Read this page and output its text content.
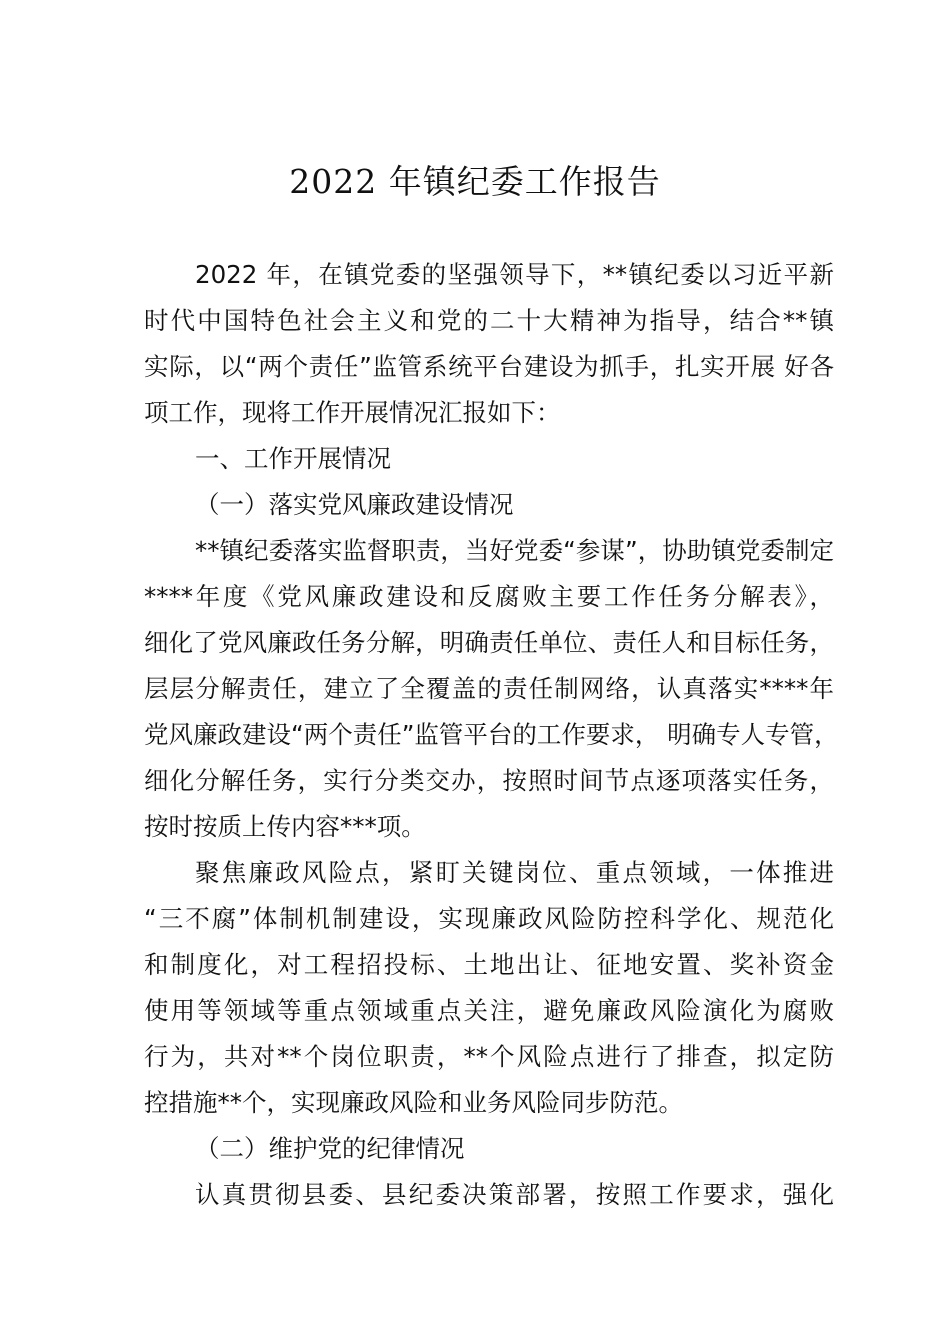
2022 年镇纪委工作报告
2022 年，在镇党委的坚强领导下，**镇纪委以习近平新
时代中国特色社会主义和党的二十大精神为指导，结合**镇
实际，以“两个责任”监管系统平台建设为抓手，扎实开展 好各
项工作，现将工作开展情况汇报如下：
一、工作开展情况
（一）落实党风廉政建设情况
**镇纪委落实监督职责，当好党委“参谋”，协助镇党委制定
****年度《党风廉政建设和反腐败主要工作任务分解表》，
细化了党风廉政任务分解，明确责任单位、责任人和目标任务，
层层分解责任，建立了全覆盖的责任制网络，认真落实****年
党风廉政建设“两个责任”监管平台的工作要求， 明确专人专管，
细化分解任务，实行分类交办，按照时间节点逐项落实任务，
按时按质上传内容***项。
聚焦廉政风险点，紧盯关键岗位、重点领域，一体推进
“三不腐”体制机制建设，实现廉政风险防控科学化、规范化
和制度化，对工程招投标、土地出让、征地安置、奖补资金
使用等领域等重点领域重点关注，避免廉政风险演化为腐败
行为，共对**个岗位职责，**个风险点进行了排查，拟定防
控措施**个，实现廉政风险和业务风险同步防范。
（二）维护党的纪律情况
认真贯彻县委、县纪委决策部署，按照工作要求，强化
